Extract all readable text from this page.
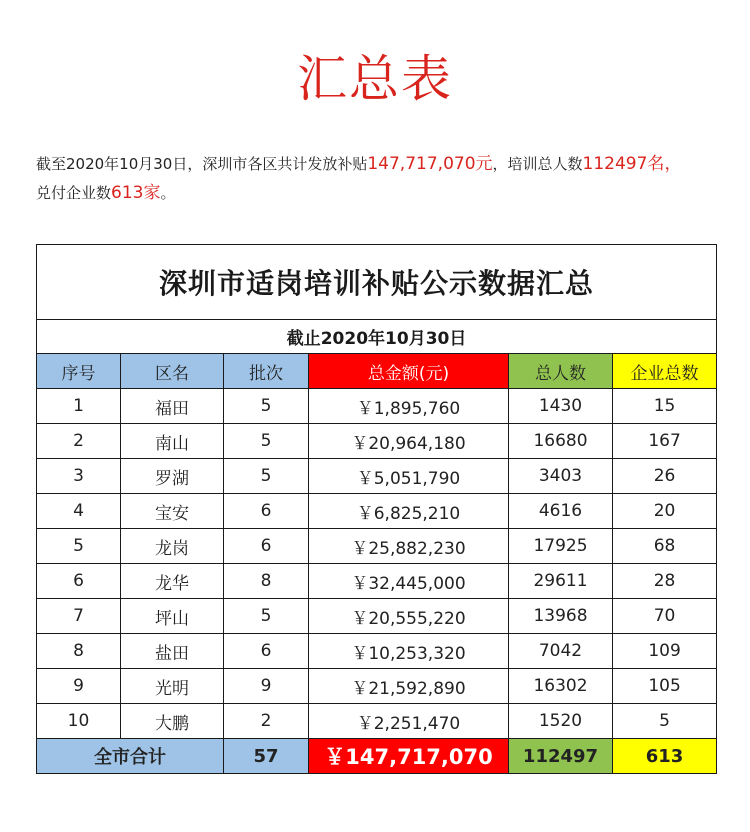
汇总表
截至2020年10月30日，深圳市各区共计发放补贴147,717,070元，培训总人数112497名，
兑付企业数613家。
深圳市适岗培训补贴公示数据汇总					
截止2020年10月30日					
序号	区名	批次	总金额(元)	总人数	企业总数
1	福田	5	￥1,895,760	1430	15
2	南山	5	￥20,964,180	16680	167
3	罗湖	5	￥5,051,790	3403	26
4	宝安	6	￥6,825,210	4616	20
5	龙岗	6	￥25,882,230	17925	68
6	龙华	8	￥32,445,000	29611	28
7	坪山	5	￥20,555,220	13968	70
8	盐田	6	￥10,253,320	7042	109
9	光明	9	￥21,592,890	16302	105
10	大鹏	2	￥2,251,470	1520	5
全市合计		57	￥147,717,070	112497	613
